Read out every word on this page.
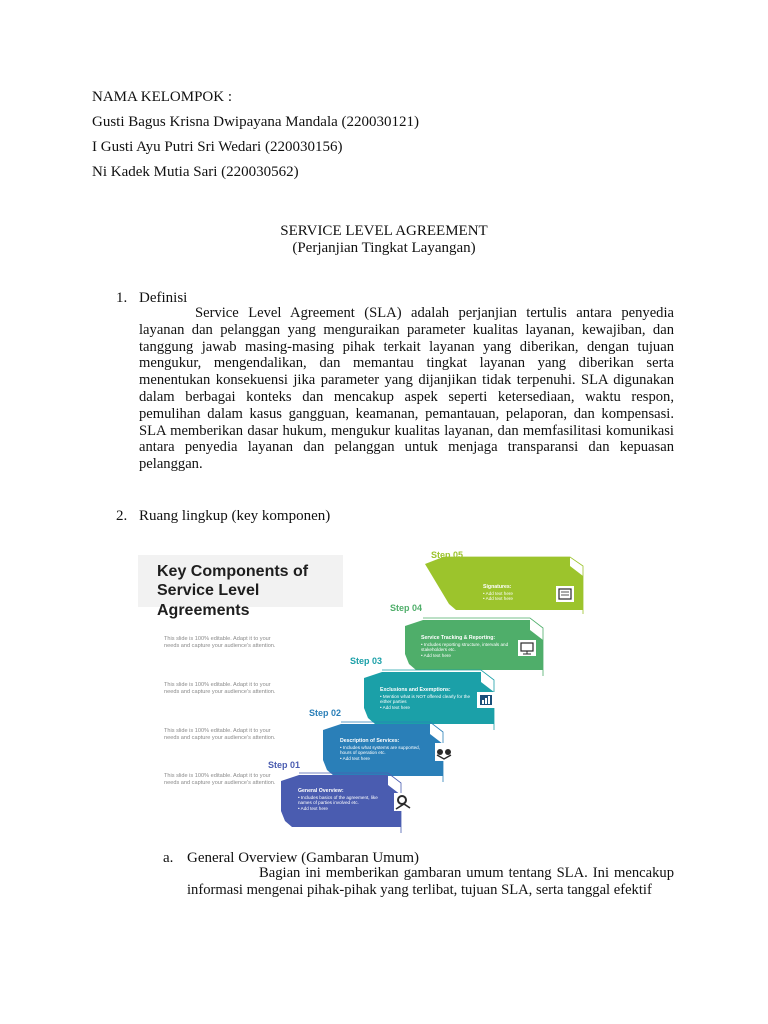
NAMA KELOMPOK :
Gusti Bagus Krisna Dwipayana Mandala (220030121)
I Gusti Ayu Putri Sri Wedari (220030156)
Ni Kadek Mutia Sari (220030562)
SERVICE LEVEL AGREEMENT
(Perjanjian Tingkat Layangan)
1. Definisi
Service Level Agreement (SLA) adalah perjanjian tertulis antara penyedia layanan dan pelanggan yang menguraikan parameter kualitas layanan, kewajiban, dan tanggung jawab masing-masing pihak terkait layanan yang diberikan, dengan tujuan mengukur, mengendalikan, dan memantau tingkat layanan yang diberikan serta menentukan konsekuensi jika parameter yang dijanjikan tidak terpenuhi. SLA digunakan dalam berbagai konteks dan mencakup aspek seperti ketersediaan, waktu respon, pemulihan dalam kasus gangguan, keamanan, pemantauan, pelaporan, dan kompensasi. SLA memberikan dasar hukum, mengukur kualitas layanan, dan memfasilitasi komunikasi antara penyedia layanan dan pelanggan untuk menjaga transparansi dan kepuasan pelanggan.
2. Ruang lingkup (key komponen)
Key Components of
Service Level Agreements
This slide is 100% editable. Adapt it to your needs and capture your audience's attention.
This slide is 100% editable. Adapt it to your needs and capture your audience's attention.
This slide is 100% editable. Adapt it to your needs and capture your audience's attention.
This slide is 100% editable. Adapt it to your needs and capture your audience's attention.
Step 05
Step 04
Step 03
Step 02
Step 01
Signatures:
• Add text here
• Add text here
Service Tracking & Reporting:
• Includes reporting structure, intervals and stakeholders etc.
• Add text here
Exclusions and Exemptions:
• Mention what is NOT offered clearly for the either parties
• Add text here
Description of Services:
• Includes what systems are supported, hours of operation etc.
• Add text here
General Overview:
• Includes basics of the agreement, like names of parties involved etc.
• Add text here
a. General Overview (Gambaran Umum)
Bagian ini memberikan gambaran umum tentang SLA. Ini mencakup informasi mengenai pihak-pihak yang terlibat, tujuan SLA, serta tanggal efektif
